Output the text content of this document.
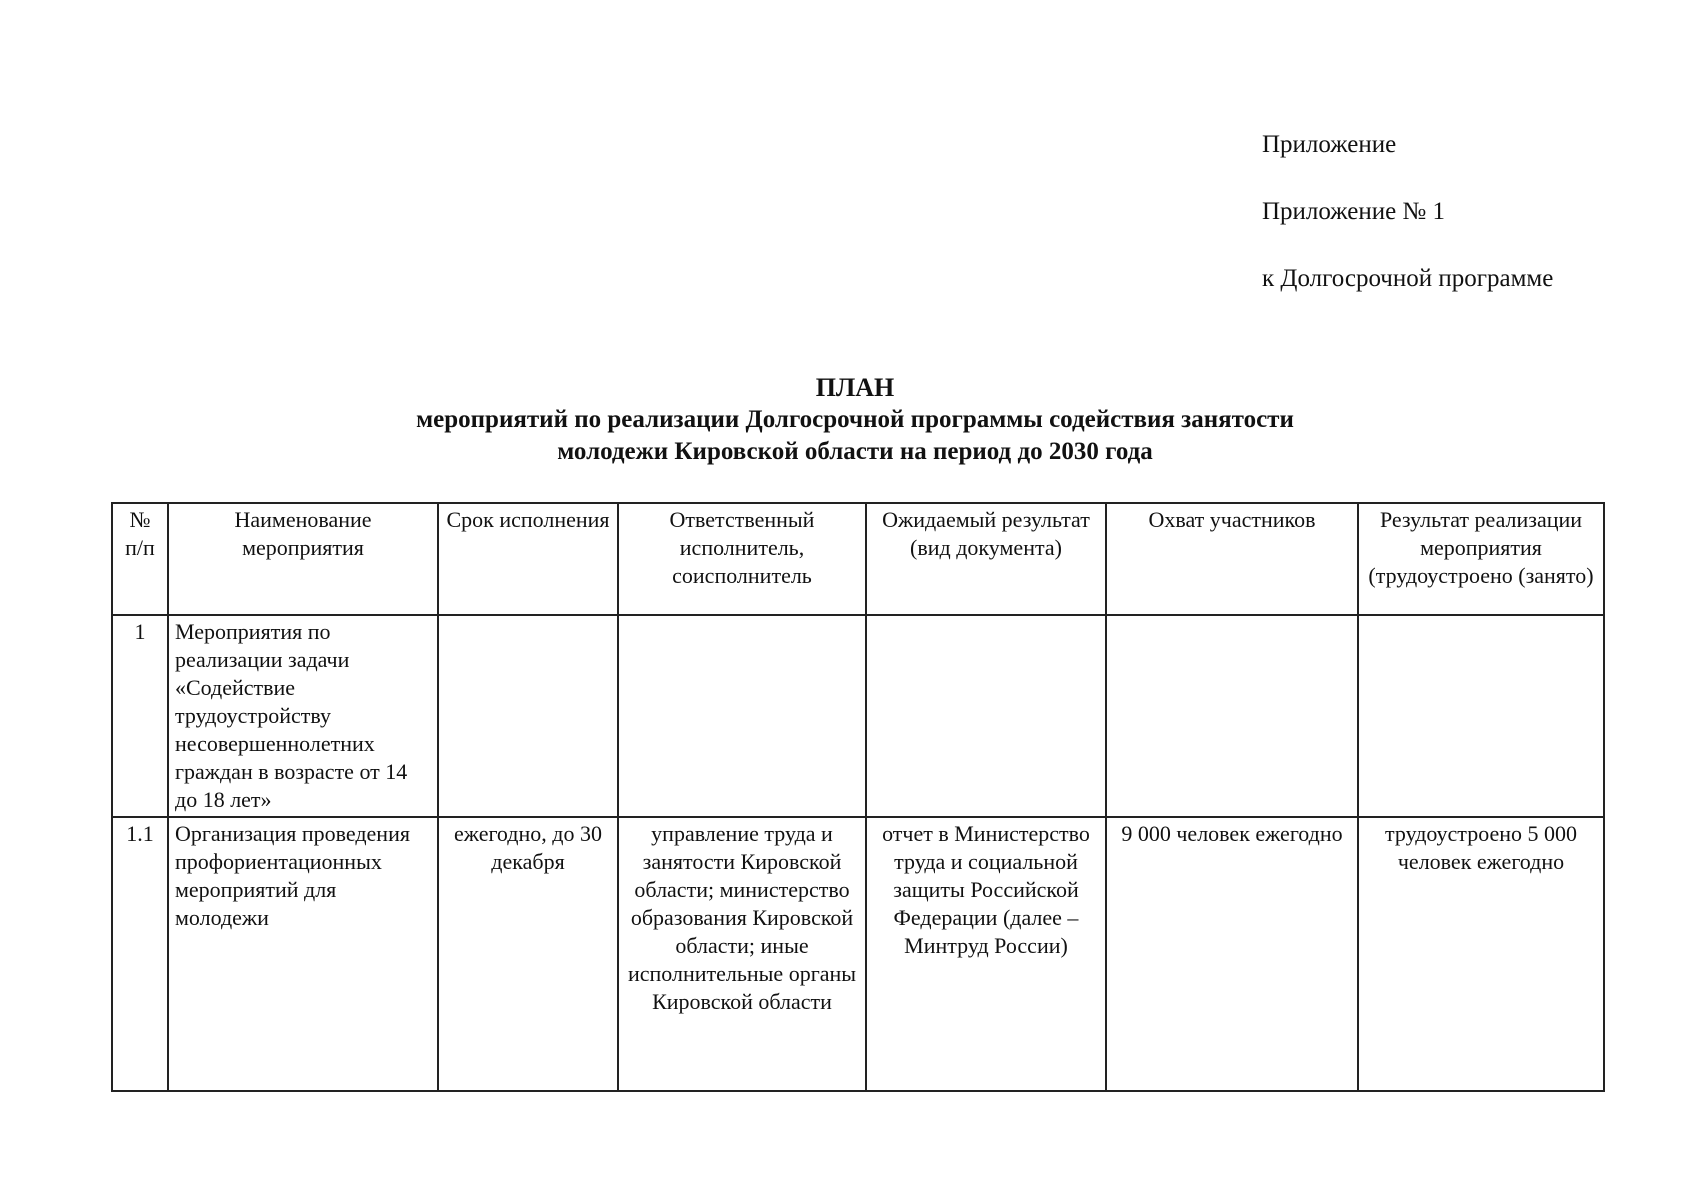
Приложение
Приложение № 1
к Долгосрочной программе
ПЛАН
мероприятий по реализации Долгосрочной программы содействия занятости
молодежи Кировской области на период до 2030 года
№ п/п	Наименование мероприятия	Срок исполнения	Ответственный исполнитель, соисполнитель	Ожидаемый результат (вид документа)	Охват участников	Результат реализации мероприятия (трудоустроено (занято)
1	Мероприятия по реализации задачи «Содействие трудоустройству несовершеннолетних граждан в возрасте от 14 до 18 лет»					
1.1	Организация проведения профориентационных мероприятий для молодежи	ежегодно, до 30 декабря	управление труда и занятости Кировской области; министерство образования Кировской области; иные исполнительные органы Кировской области	отчет в Министерство труда и социальной защиты Российской Федерации (далее – Минтруд России)	9 000 человек ежегодно	трудоустроено 5 000 человек ежегодно
